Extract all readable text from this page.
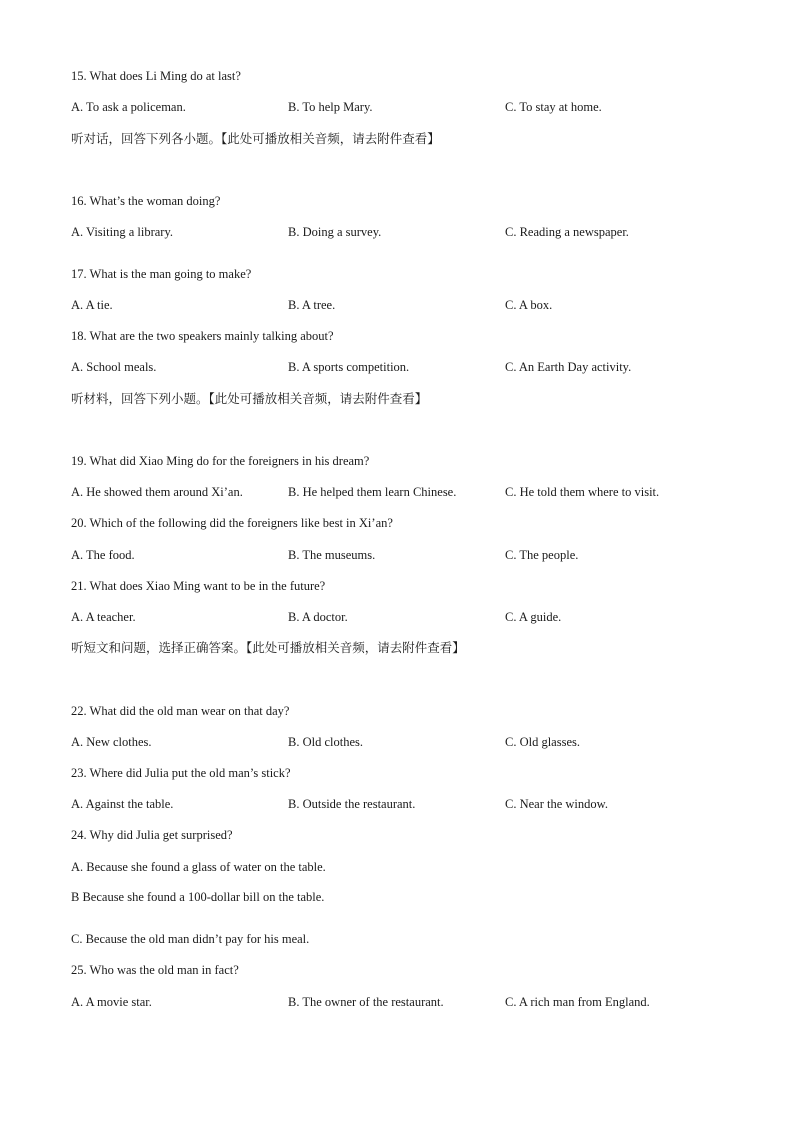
15. What does Li Ming do at last?
A. To ask a policeman.	B. To help Mary.	C. To stay at home.
听对话，回答下列各小题。【此处可播放相关音频，请去附件查看】
16. What’s the woman doing?
A. Visiting a library.	B. Doing a survey.	C. Reading a newspaper.
17. What is the man going to make?
A. A tie.	B. A tree.	C. A box.
18. What are the two speakers mainly talking about?
A. School meals.	B. A sports competition.	C. An Earth Day activity.
听材料，回答下列小题。【此处可播放相关音频，请去附件查看】
19. What did Xiao Ming do for the foreigners in his dream?
A. He showed them around Xi’an.	B. He helped them learn Chinese.	C. He told them where to visit.
20. Which of the following did the foreigners like best in Xi’an?
A. The food.	B. The museums.	C. The people.
21. What does Xiao Ming want to be in the future?
A. A teacher.	B. A doctor.	C. A guide.
听短文和问题，选择正确答案。【此处可播放相关音频，请去附件查看】
22. What did the old man wear on that day?
A. New clothes.	B. Old clothes.	C. Old glasses.
23. Where did Julia put the old man’s stick?
A. Against the table.	B. Outside the restaurant.	C. Near the window.
24. Why did Julia get surprised?
A. Because she found a glass of water on the table.
B Because she found a 100-dollar bill on the table.
C. Because the old man didn’t pay for his meal.
25. Who was the old man in fact?
A. A movie star.	B. The owner of the restaurant.	C. A rich man from England.
